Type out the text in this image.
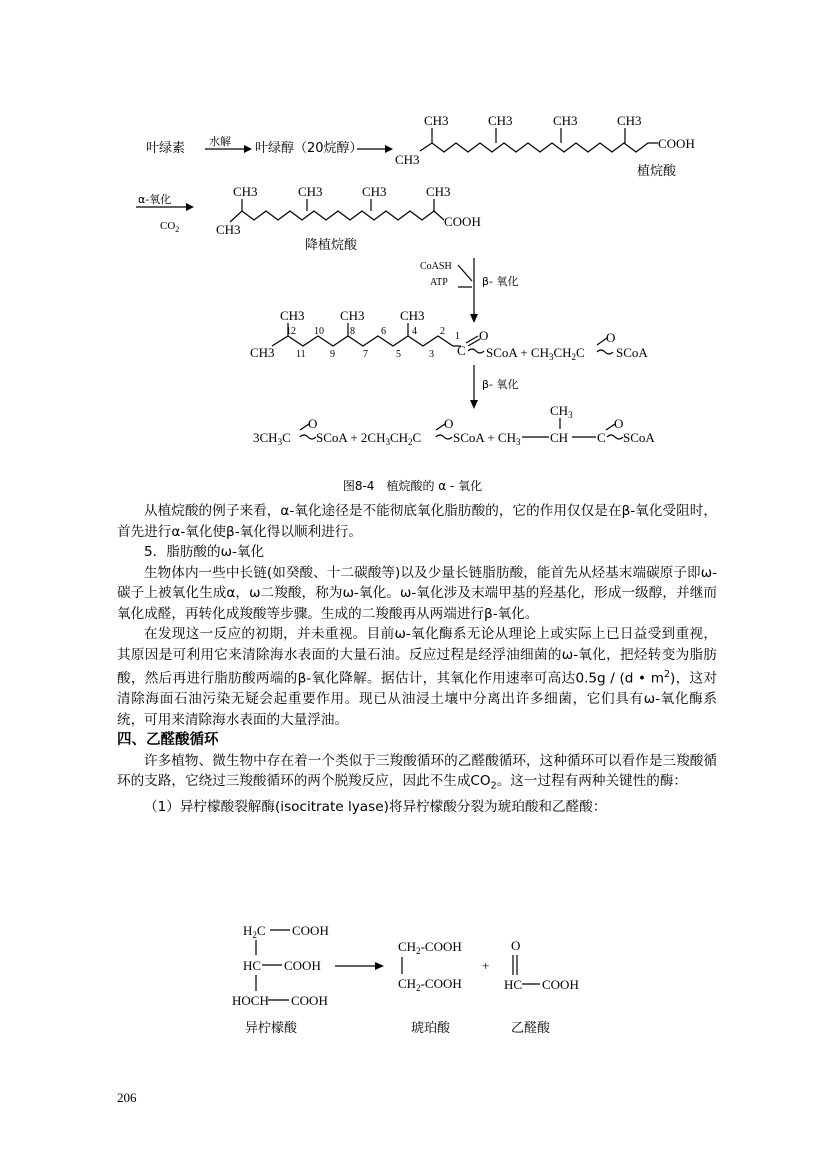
叶绿素 水解 叶绿醇（20烷醇）
CH3
CH3	CH3	CH3	CH3
COOH
植烷酸
α-氧化
$CO_2$	CH3
CH3	CH3	CH3	CH3
COOH
降植烷酸
CoASH
ATP	β- 氧化
CH3
CH3	CH3	CH3
12 10	8	6	4 2 1
11 9	7	5	3 C
O
SCoA + $CH_3CH_2C$
O
SCoA
β- 氧化
$3CH_3C$
O
SCoA + $2CH_3CH_2C$
O
SCoA + $CH_3$ CH C
O
SCoA
$CH_3$
图8-4　植烷酸的 α - 氧化

从植烷酸的例子来看，α-氧化途径是不能彻底氧化脂肪酸的，它的作用仅仅是在β-氧化受阻时，首先进行α-氧化使β-氧化得以顺利进行。

5．脂肪酸的ω-氧化

生物体内一些中长链(如癸酸、十二碳酸等)以及少量长链脂肪酸，能首先从烃基末端碳原子即ω-碳子上被氧化生成α，ω二羧酸，称为ω-氧化。ω-氧化涉及末端甲基的羟基化，形成一级醇，并继而氧化成醛，再转化成羧酸等步骤。生成的二羧酸再从两端进行β-氧化。

在发现这一反应的初期，并未重视。目前ω-氧化酶系无论从理论上或实际上已日益受到重视，其原因是可利用它来清除海水表面的大量石油。反应过程是经浮油细菌的ω-氧化，把烃转变为脂肪酸，然后再进行脂肪酸两端的β-氧化降解。据估计，其氧化作用速率可高达0.5g / (d • $m^2$)，这对清除海面石油污染无疑会起重要作用。现已从油浸土壤中分离出许多细菌，它们具有ω-氧化酶系统，可用来清除海水表面的大量浮油。

四、乙醛酸循环

许多植物、微生物中存在着一个类似于三羧酸循环的乙醛酸循环，这种循环可以看作是三羧酸循环的支路，它绕过三羧酸循环的两个脱羧反应，因此不生成$CO_2$。这一过程有两种关键性的酶：

（1）异柠檬酸裂解酶(isocitrate lyase)将异柠檬酸分裂为琥珀酸和乙醛酸：

$H_2C$ COOH
HC COOH
HOCH COOH
异柠檬酸
$CH_2$-COOH
$CH_2$-COOH
琥珀酸
+
O
HC COOH
乙醛酸
206
